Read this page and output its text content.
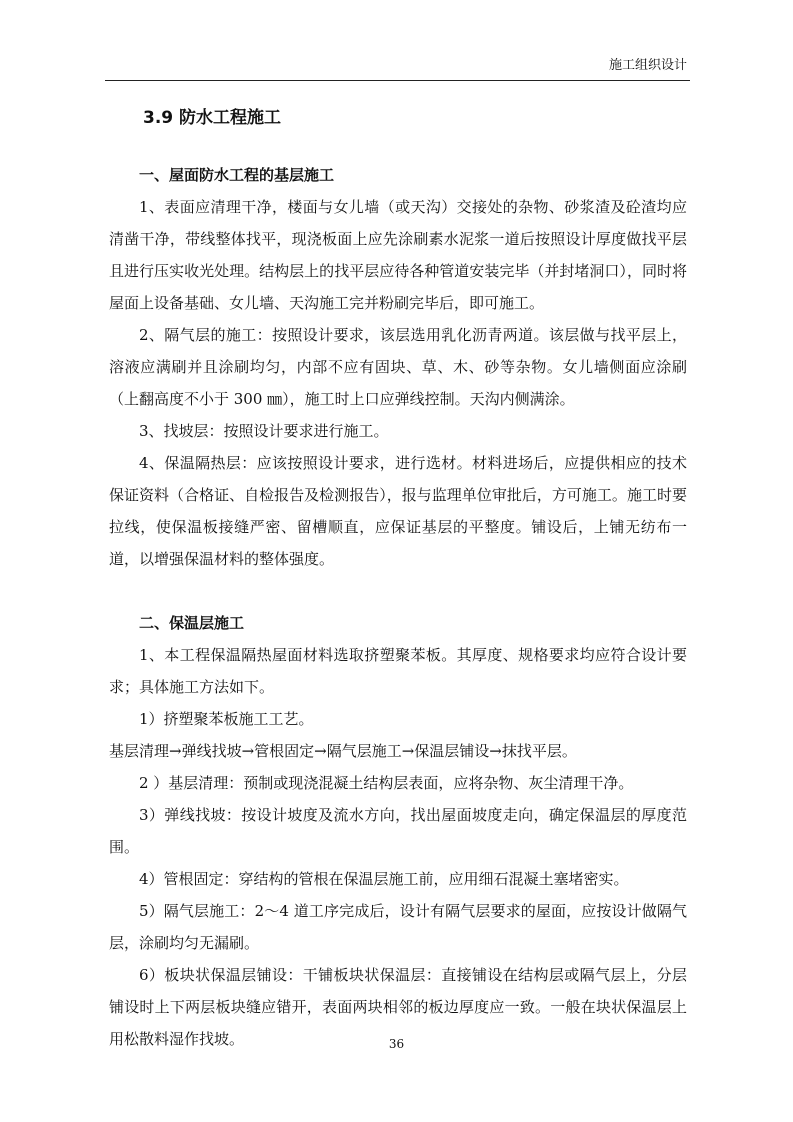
施工组织设计
3.9 防水工程施工
一、屋面防水工程的基层施工

1、表面应清理干净，楼面与女儿墙（或天沟）交接处的杂物、砂浆渣及砼渣均应清凿干净，带线整体找平，现浇板面上应先涂刷素水泥浆一道后按照设计厚度做找平层且进行压实收光处理。结构层上的找平层应待各种管道安装完毕（并封堵洞口），同时将屋面上设备基础、女儿墙、天沟施工完并粉刷完毕后，即可施工。

2、隔气层的施工：按照设计要求，该层选用乳化沥青两道。该层做与找平层上，溶液应满刷并且涂刷均匀，内部不应有固块、草、木、砂等杂物。女儿墙侧面应涂刷（上翻高度不小于 300 ㎜），施工时上口应弹线控制。天沟内侧满涂。

3、找坡层：按照设计要求进行施工。

4、保温隔热层：应该按照设计要求，进行选材。材料进场后，应提供相应的技术保证资料（合格证、自检报告及检测报告），报与监理单位审批后，方可施工。施工时要拉线，使保温板接缝严密、留槽顺直，应保证基层的平整度。铺设后，上铺无纺布一道，以增强保温材料的整体强度。

二、保温层施工

1、本工程保温隔热屋面材料选取挤塑聚苯板。其厚度、规格要求均应符合设计要求；具体施工方法如下。

1）挤塑聚苯板施工工艺。

基层清理→弹线找坡→管根固定→隔气层施工→保温层铺设→抹找平层。

2 ）基层清理：预制或现浇混凝土结构层表面，应将杂物、灰尘清理干净。

3）弹线找坡：按设计坡度及流水方向，找出屋面坡度走向，确定保温层的厚度范围。

4）管根固定：穿结构的管根在保温层施工前，应用细石混凝土塞堵密实。

5）隔气层施工：2～4 道工序完成后，设计有隔气层要求的屋面，应按设计做隔气层，涂刷均匀无漏刷。

6）板块状保温层铺设：干铺板块状保温层：直接铺设在结构层或隔气层上，分层铺设时上下两层板块缝应错开，表面两块相邻的板边厚度应一致。一般在块状保温层上用松散料湿作找坡。	36
